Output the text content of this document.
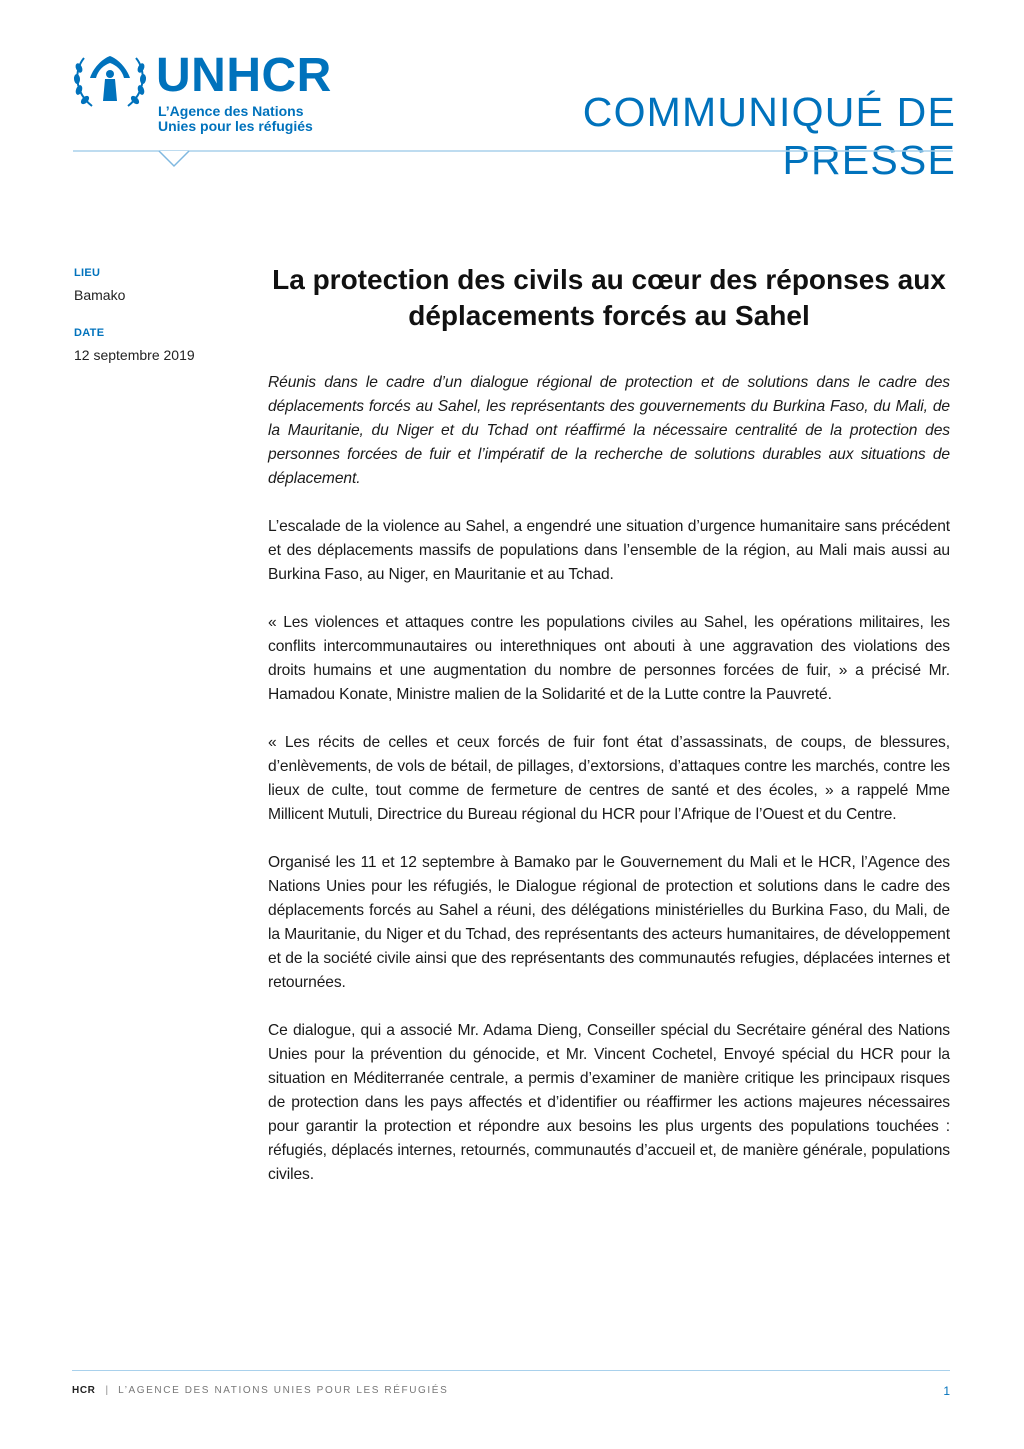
UNHCR
L’Agence des Nations
Unies pour les réfugiés	COMMUNIQUÉ DE PRESSE
LIEU
Bamako
DATE
12 septembre 2019
La protection des civils au cœur des réponses aux déplacements forcés au Sahel

Réunis dans le cadre d’un dialogue régional de protection et de solutions dans le cadre des déplacements forcés au Sahel, les représentants des gouvernements du Burkina Faso, du Mali, de la Mauritanie, du Niger et du Tchad ont réaffirmé la nécessaire centralité de la protection des personnes forcées de fuir et l’impératif de la recherche de solutions durables aux situations de déplacement.

L’escalade de la violence au Sahel, a engendré une situation d’urgence humanitaire sans précédent et des déplacements massifs de populations dans l’ensemble de la région, au Mali mais aussi au Burkina Faso, au Niger, en Mauritanie et au Tchad.

« Les violences et attaques contre les populations civiles au Sahel, les opérations militaires, les conflits intercommunautaires ou interethniques ont abouti à une aggravation des violations des droits humains et une augmentation du nombre de personnes forcées de fuir, » a précisé Mr. Hamadou Konate, Ministre malien de la Solidarité et de la Lutte contre la Pauvreté.

« Les récits de celles et ceux forcés de fuir font état d’assassinats, de coups, de blessures, d’enlèvements, de vols de bétail, de pillages, d’extorsions, d’attaques contre les marchés, contre les lieux de culte, tout comme de fermeture de centres de santé et des écoles, » a rappelé Mme Millicent Mutuli, Directrice du Bureau régional du HCR pour l’Afrique de l’Ouest et du Centre.

Organisé les 11 et 12 septembre à Bamako par le Gouvernement du Mali et le HCR, l’Agence des Nations Unies pour les réfugiés, le Dialogue régional de protection et solutions dans le cadre des déplacements forcés au Sahel a réuni, des délégations ministérielles du Burkina Faso, du Mali, de la Mauritanie, du Niger et du Tchad, des représentants des acteurs humanitaires, de développement et de la société civile ainsi que des représentants des communautés refugies, déplacées internes et retournées.

Ce dialogue, qui a associé Mr. Adama Dieng, Conseiller spécial du Secrétaire général des Nations Unies pour la prévention du génocide, et Mr. Vincent Cochetel, Envoyé spécial du HCR pour la situation en Méditerranée centrale, a permis d’examiner de manière critique les principaux risques de protection dans les pays affectés et d’identifier ou réaffirmer les actions majeures nécessaires pour garantir la protection et répondre aux besoins les plus urgents des populations touchées : réfugiés, déplacés internes, retournés, communautés d’accueil et, de manière générale, populations civiles.

HCR | L’AGENCE DES NATIONS UNIES POUR LES RÉFUGIÉS	1
